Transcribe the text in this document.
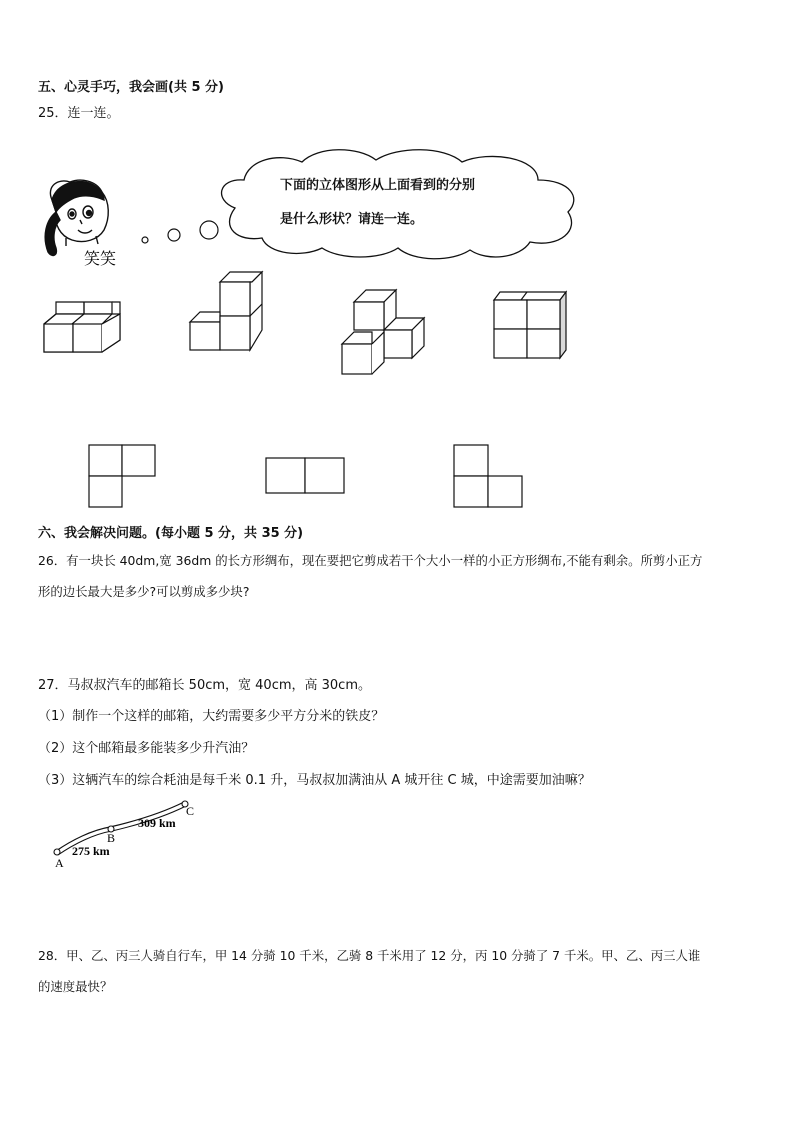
五、心灵手巧，我会画(共 5 分)
25．连一连。
笑笑
A
B
C
275 km
309 km
下面的立体图形从上面看到的分别
是什么形状？请连一连。
六、我会解决问题。(每小题 5 分，共 35 分)
26．有一块长 40dm,宽 36dm 的长方形绸布，现在要把它剪成若干个大小一样的小正方形绸布,不能有剩余。所剪小正方
形的边长最大是多少?可以剪成多少块?
27．马叔叔汽车的邮箱长 50cm，宽 40cm，高 30cm。
（1）制作一个这样的邮箱，大约需要多少平方分米的铁皮？
（2）这个邮箱最多能装多少升汽油？
（3）这辆汽车的综合耗油是每千米 0.1 升，马叔叔加满油从 A 城开往 C 城，中途需要加油嘛？
28．甲、乙、丙三人骑自行车，甲 14 分骑 10 千米，乙骑 8 千米用了 12 分，丙 10 分骑了 7 千米。甲、乙、丙三人谁
的速度最快？
